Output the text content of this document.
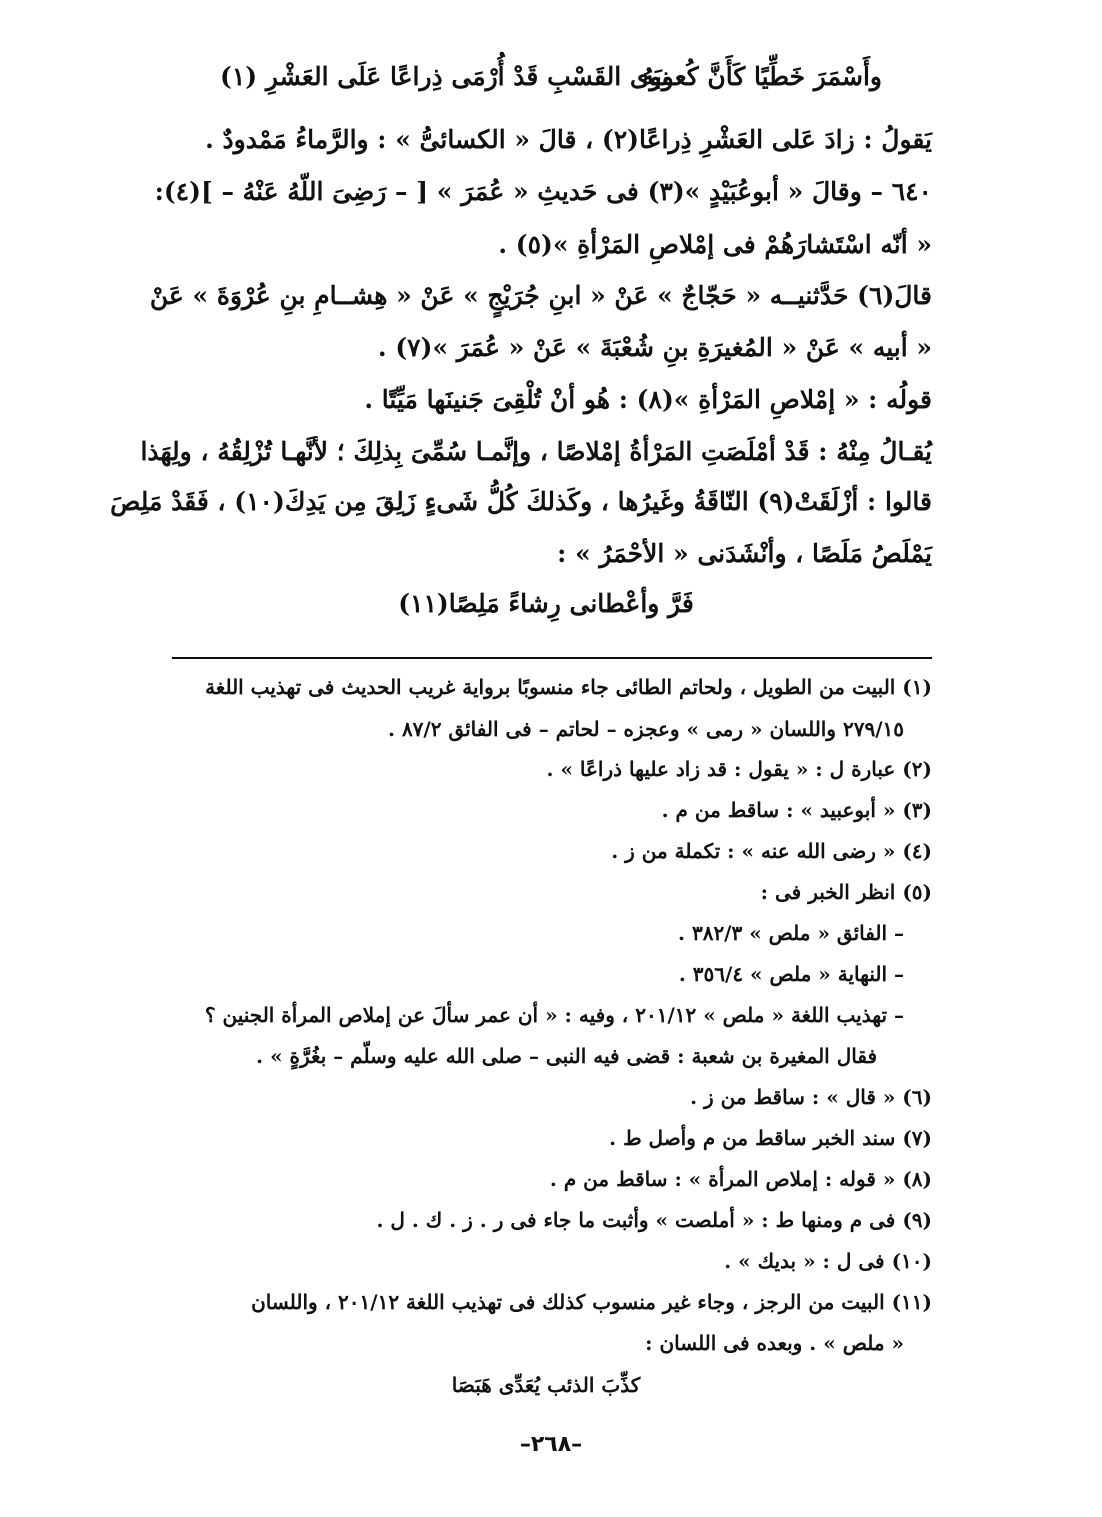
وأَسْمَرَ خَطِّيًا كَأَنَّ كُعوبَهُ
نوى القَسْبِ قَدْ أُرْمَى ذِراعًا عَلَى العَشْرِ (١)
يَقولُ : زادَ عَلى العَشْرِ ذِراعًا(٢) ، قالَ « الكسائىُّ » : والرَّماءُ مَمْدودٌ .
٦٤٠ – وقالَ « أبوعُبَيْدٍ »(٣) فى حَديثِ « عُمَرَ » [ – رَضِىَ اللّهُ عَنْهُ – ](٤):
« أنّه اسْتَشارَهُمْ فى إمْلاصِ المَرْأةِ »(٥) .
قالَ(٦) حَدَّثنيــه « حَجّاجٌ » عَنْ « ابنِ جُرَيْجٍ » عَنْ « هِشــامِ بنِ عُرْوَةَ » عَنْ
« أبيه » عَنْ « المُغيرَةِ بنِ شُعْبَةَ » عَنْ « عُمَرَ »(٧) .
قولُه : « إمْلاصِ المَرْأةِ »(٨) : هُو أنْ تُلْقِىَ جَنينَها مَيِّتًا .
يُقـالُ مِنْهُ : قَدْ أمْلَصَتِ المَرْأةُ إمْلاصًا ، وإنَّمـا سُمِّىَ بِذلِكَ ؛ لأنَّهـا تُزْلِقُهُ ، ولِهَذا
قالوا : أزْلَقَتْ(٩) النّاقَةُ وغَيرُها ، وكَذلكَ كُلُّ شَىءٍ زَلِقَ مِن يَدِكَ(١٠) ، فَقَدْ مَلِصَ
يَمْلَصُ مَلَصًا ، وأنْشَدَنى « الأحْمَرُ » :
فَرَّ وأعْطانى رِشاءً مَلِصًا(١١)
(١) البيت من الطويل ، ولحاتم الطائى جاء منسوبًا برواية غريب الحديث فى تهذيب اللغة
٢٧٩/١٥ واللسان « رمى » وعجزه – لحاتم – فى الفائق ٨٧/٢ .
(٢) عبارة ل : « يقول : قد زاد عليها ذراعًا » .
(٣) « أبوعبيد » : ساقط من م .
(٤) « رضى الله عنه » : تكملة من ز .
(٥) انظر الخبر فى :
– الفائق « ملص » ٣٨٢/٣ .
– النهاية « ملص » ٣٥٦/٤ .
– تهذيب اللغة « ملص » ٢٠١/١٢ ، وفيه : « أن عمر سألَ عن إملاص المرأة الجنين ؟
فقال المغيرة بن شعبة : قضى فيه النبى – صلى الله عليه وسلّم – بغُرَّةٍ » .
(٦) « قال » : ساقط من ز .
(٧) سند الخبر ساقط من م وأصل ط .
(٨) « قوله : إملاص المرأة » : ساقط من م .
(٩) فى م ومنها ط : « أملصت » وأثبت ما جاء فى ر . ز . ك . ل .
(١٠) فى ل : « بديك » .
(١١) البيت من الرجز ، وجاء غير منسوب كذلك فى تهذيب اللغة ٢٠١/١٢ ، واللسان
« ملص » . وبعده فى اللسان :
كذِّبَ الذئب يُعَدِّى هَبَصَا
–٢٦٨–
